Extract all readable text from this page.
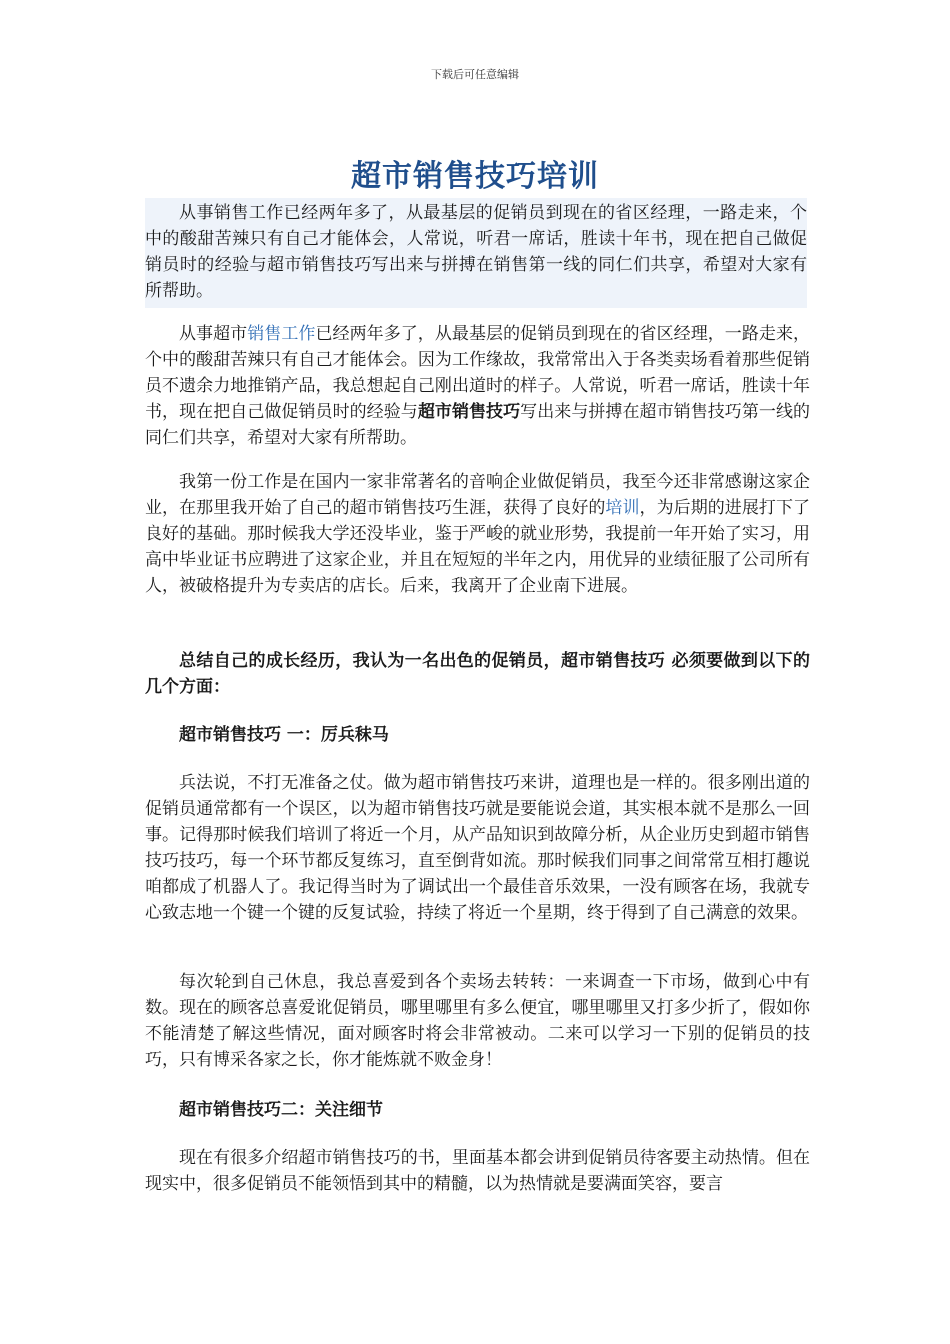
下载后可任意编辑
超市销售技巧培训

从事销售工作已经两年多了，从最基层的促销员到现在的省区经理，一路走来，个中的酸甜苦辣只有自己才能体会，人常说，听君一席话，胜读十年书，现在把自己做促销员时的经验与超市销售技巧写出来与拼搏在销售第一线的同仁们共享，希望对大家有所帮助。

从事超市销售工作已经两年多了，从最基层的促销员到现在的省区经理，一路走来，个中的酸甜苦辣只有自己才能体会。因为工作缘故，我常常出入于各类卖场看着那些促销员不遗余力地推销产品，我总想起自己刚出道时的样子。人常说，听君一席话，胜读十年书，现在把自己做促销员时的经验与超市销售技巧写出来与拼搏在超市销售技巧第一线的同仁们共享，希望对大家有所帮助。

我第一份工作是在国内一家非常著名的音响企业做促销员，我至今还非常感谢这家企业，在那里我开始了自己的超市销售技巧生涯，获得了良好的培训，为后期的进展打下了良好的基础。那时候我大学还没毕业，鉴于严峻的就业形势，我提前一年开始了实习，用高中毕业证书应聘进了这家企业，并且在短短的半年之内，用优异的业绩征服了公司所有人，被破格提升为专卖店的店长。后来，我离开了企业南下进展。

总结自己的成长经历，我认为一名出色的促销员，超市销售技巧 必须要做到以下的几个方面：

超市销售技巧 一：厉兵秣马

兵法说，不打无准备之仗。做为超市销售技巧来讲，道理也是一样的。很多刚出道的促销员通常都有一个误区，以为超市销售技巧就是要能说会道，其实根本就不是那么一回事。记得那时候我们培训了将近一个月，从产品知识到故障分析，从企业历史到超市销售技巧技巧，每一个环节都反复练习，直至倒背如流。那时候我们同事之间常常互相打趣说咱都成了机器人了。我记得当时为了调试出一个最佳音乐效果，一没有顾客在场，我就专心致志地一个键一个键的反复试验，持续了将近一个星期，终于得到了自己满意的效果。

每次轮到自己休息，我总喜爱到各个卖场去转转：一来调查一下市场，做到心中有数。现在的顾客总喜爱讹促销员，哪里哪里有多么便宜，哪里哪里又打多少折了，假如你不能清楚了解这些情况，面对顾客时将会非常被动。二来可以学习一下别的促销员的技巧，只有博采各家之长，你才能炼就不败金身！

超市销售技巧二：关注细节

现在有很多介绍超市销售技巧的书，里面基本都会讲到促销员待客要主动热情。但在现实中，很多促销员不能领悟到其中的精髓，以为热情就是要满面笑容，要言
